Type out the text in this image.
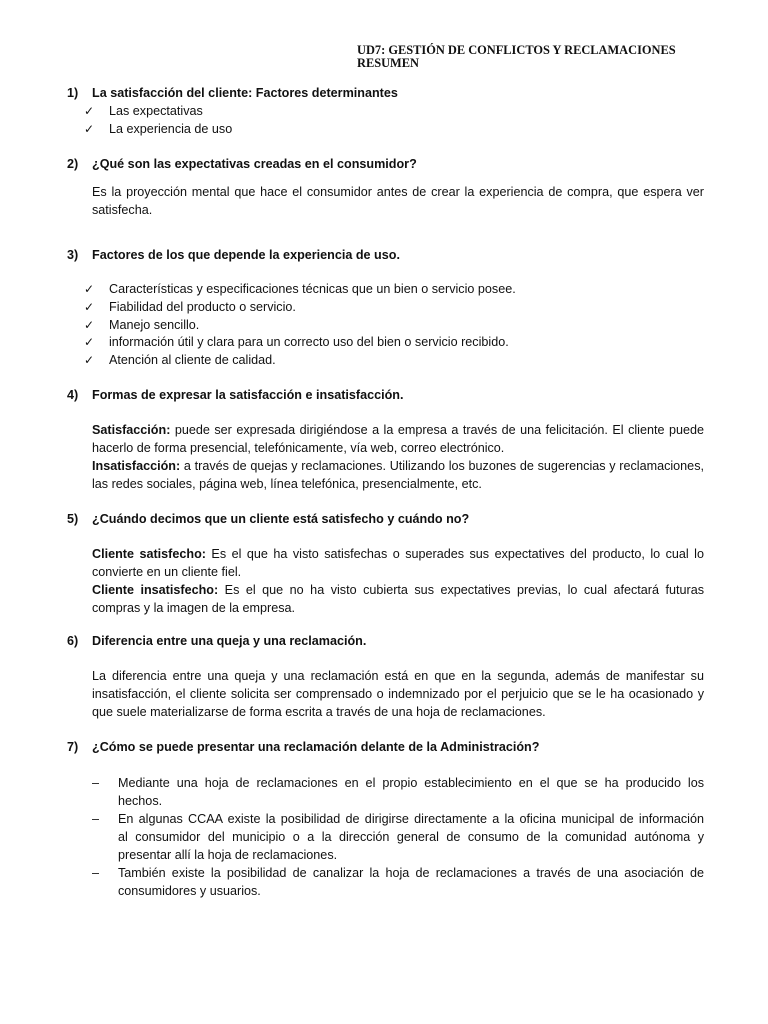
UD7: GESTIÓN DE CONFLICTOS Y RECLAMACIONES
RESUMEN
1) La satisfacción del cliente: Factores determinantes
✓ Las expectativas
✓ La experiencia de uso
2) ¿Qué son las expectativas creadas en el consumidor?
Es la proyección mental que hace el consumidor antes de crear la experiencia de compra, que espera ver
satisfecha.
3) Factores de los que depende la experiencia de uso.
✓ Características y especificaciones técnicas que un bien o servicio posee.
✓ Fiabilidad del producto o servicio.
✓ Manejo sencillo.
✓ información útil y clara para un correcto uso del bien o servicio recibido.
✓ Atención al cliente de calidad.
4) Formas de expresar la satisfacción e insatisfacción.
Satisfacción: puede ser expresada dirigiéndose a la empresa a través de una felicitación. El cliente puede
hacerlo de forma presencial, telefónicamente, vía web, correo electrónico.
Insatisfacción: a través de quejas y reclamaciones. Utilizando los buzones de sugerencias y reclamaciones,
las redes sociales, página web, línea telefónica, presencialmente, etc.
5) ¿Cuándo decimos que un cliente está satisfecho y cuándo no?
Cliente satisfecho: Es el que ha visto satisfechas o superades sus expectatives del producto, lo cual lo
convierte en un cliente fiel.
Cliente insatisfecho: Es el que no ha visto cubierta sus expectatives previas, lo cual afectará futuras
compras y la imagen de la empresa.
6) Diferencia entre una queja y una reclamación.
La diferencia entre una queja y una reclamación está en que en la segunda, además de manifestar su
insatisfacción, el cliente solicita ser comprensado o indemnizado por el perjuicio que se le ha ocasionado y
que suele materializarse de forma escrita a través de una hoja de reclamaciones.
7) ¿Cómo se puede presentar una reclamación delante de la Administración?
– Mediante una hoja de reclamaciones en el propio establecimiento en el que se ha producido los
hechos.
– En algunas CCAA existe la posibilidad de dirigirse directamente a la oficina municipal de información
al consumidor del municipio o a la dirección general de consumo de la comunidad autónoma y
presentar allí la hoja de reclamaciones.
– También existe la posibilidad de canalizar la hoja de reclamaciones a través de una asociación de
consumidores y usuarios.
